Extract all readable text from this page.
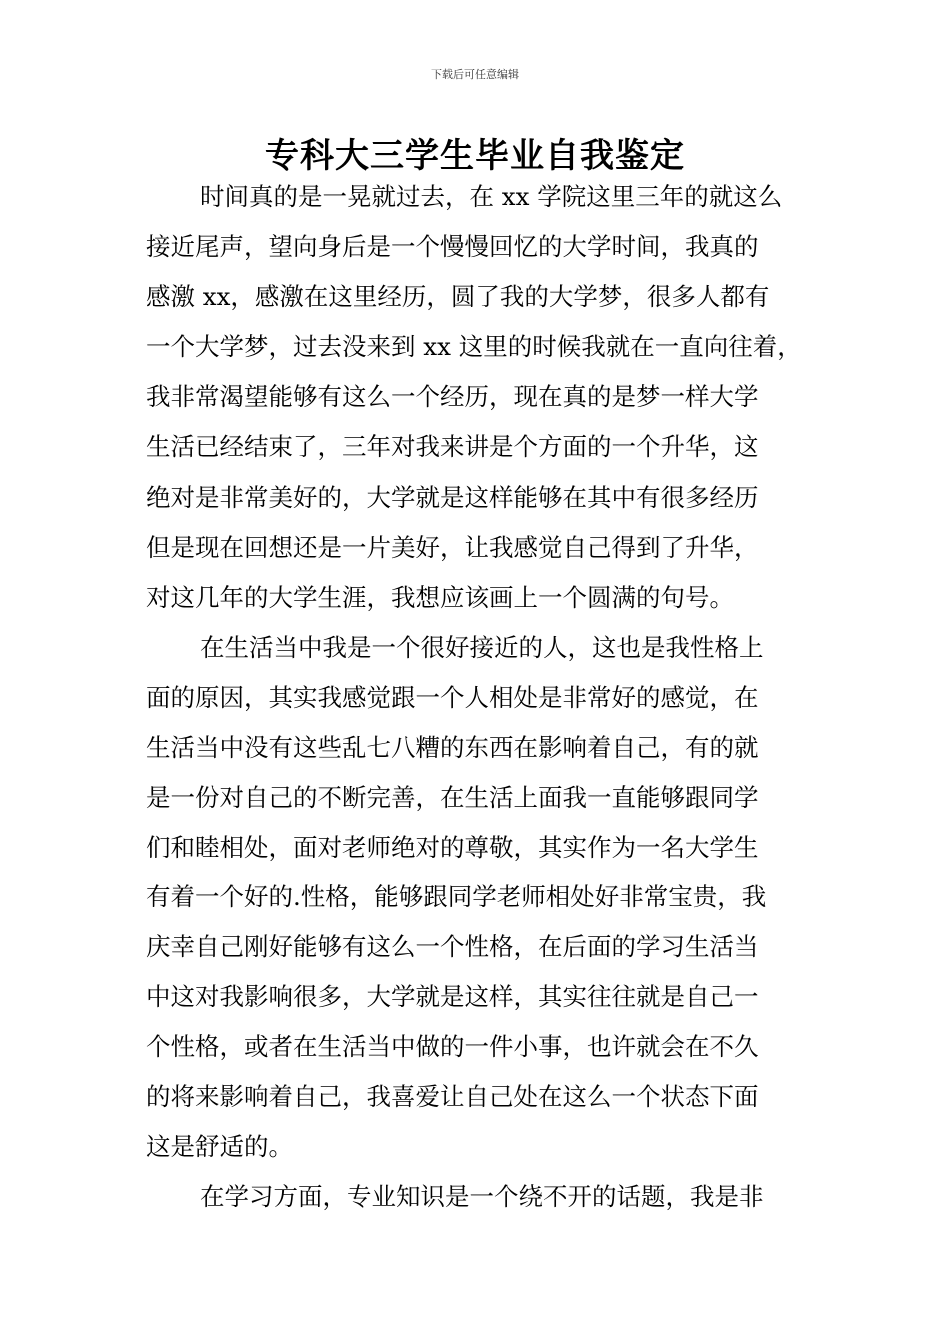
下载后可任意编辑
专科大三学生毕业自我鉴定
时间真的是一晃就过去，在 xx 学院这里三年的就这么
接近尾声，望向身后是一个慢慢回忆的大学时间，我真的
感激 xx，感激在这里经历，圆了我的大学梦，很多人都有
一个大学梦，过去没来到 xx 这里的时候我就在一直向往着，
我非常渴望能够有这么一个经历，现在真的是梦一样大学
生活已经结束了，三年对我来讲是个方面的一个升华，这
绝对是非常美好的，大学就是这样能够在其中有很多经历
但是现在回想还是一片美好，让我感觉自己得到了升华，
对这几年的大学生涯，我想应该画上一个圆满的句号。
在生活当中我是一个很好接近的人，这也是我性格上
面的原因，其实我感觉跟一个人相处是非常好的感觉，在
生活当中没有这些乱七八糟的东西在影响着自己，有的就
是一份对自己的不断完善，在生活上面我一直能够跟同学
们和睦相处，面对老师绝对的尊敬，其实作为一名大学生
有着一个好的.性格，能够跟同学老师相处好非常宝贵，我
庆幸自己刚好能够有这么一个性格，在后面的学习生活当
中这对我影响很多，大学就是这样，其实往往就是自己一
个性格，或者在生活当中做的一件小事，也许就会在不久
的将来影响着自己，我喜爱让自己处在这么一个状态下面
这是舒适的。
在学习方面，专业知识是一个绕不开的话题，我是非
